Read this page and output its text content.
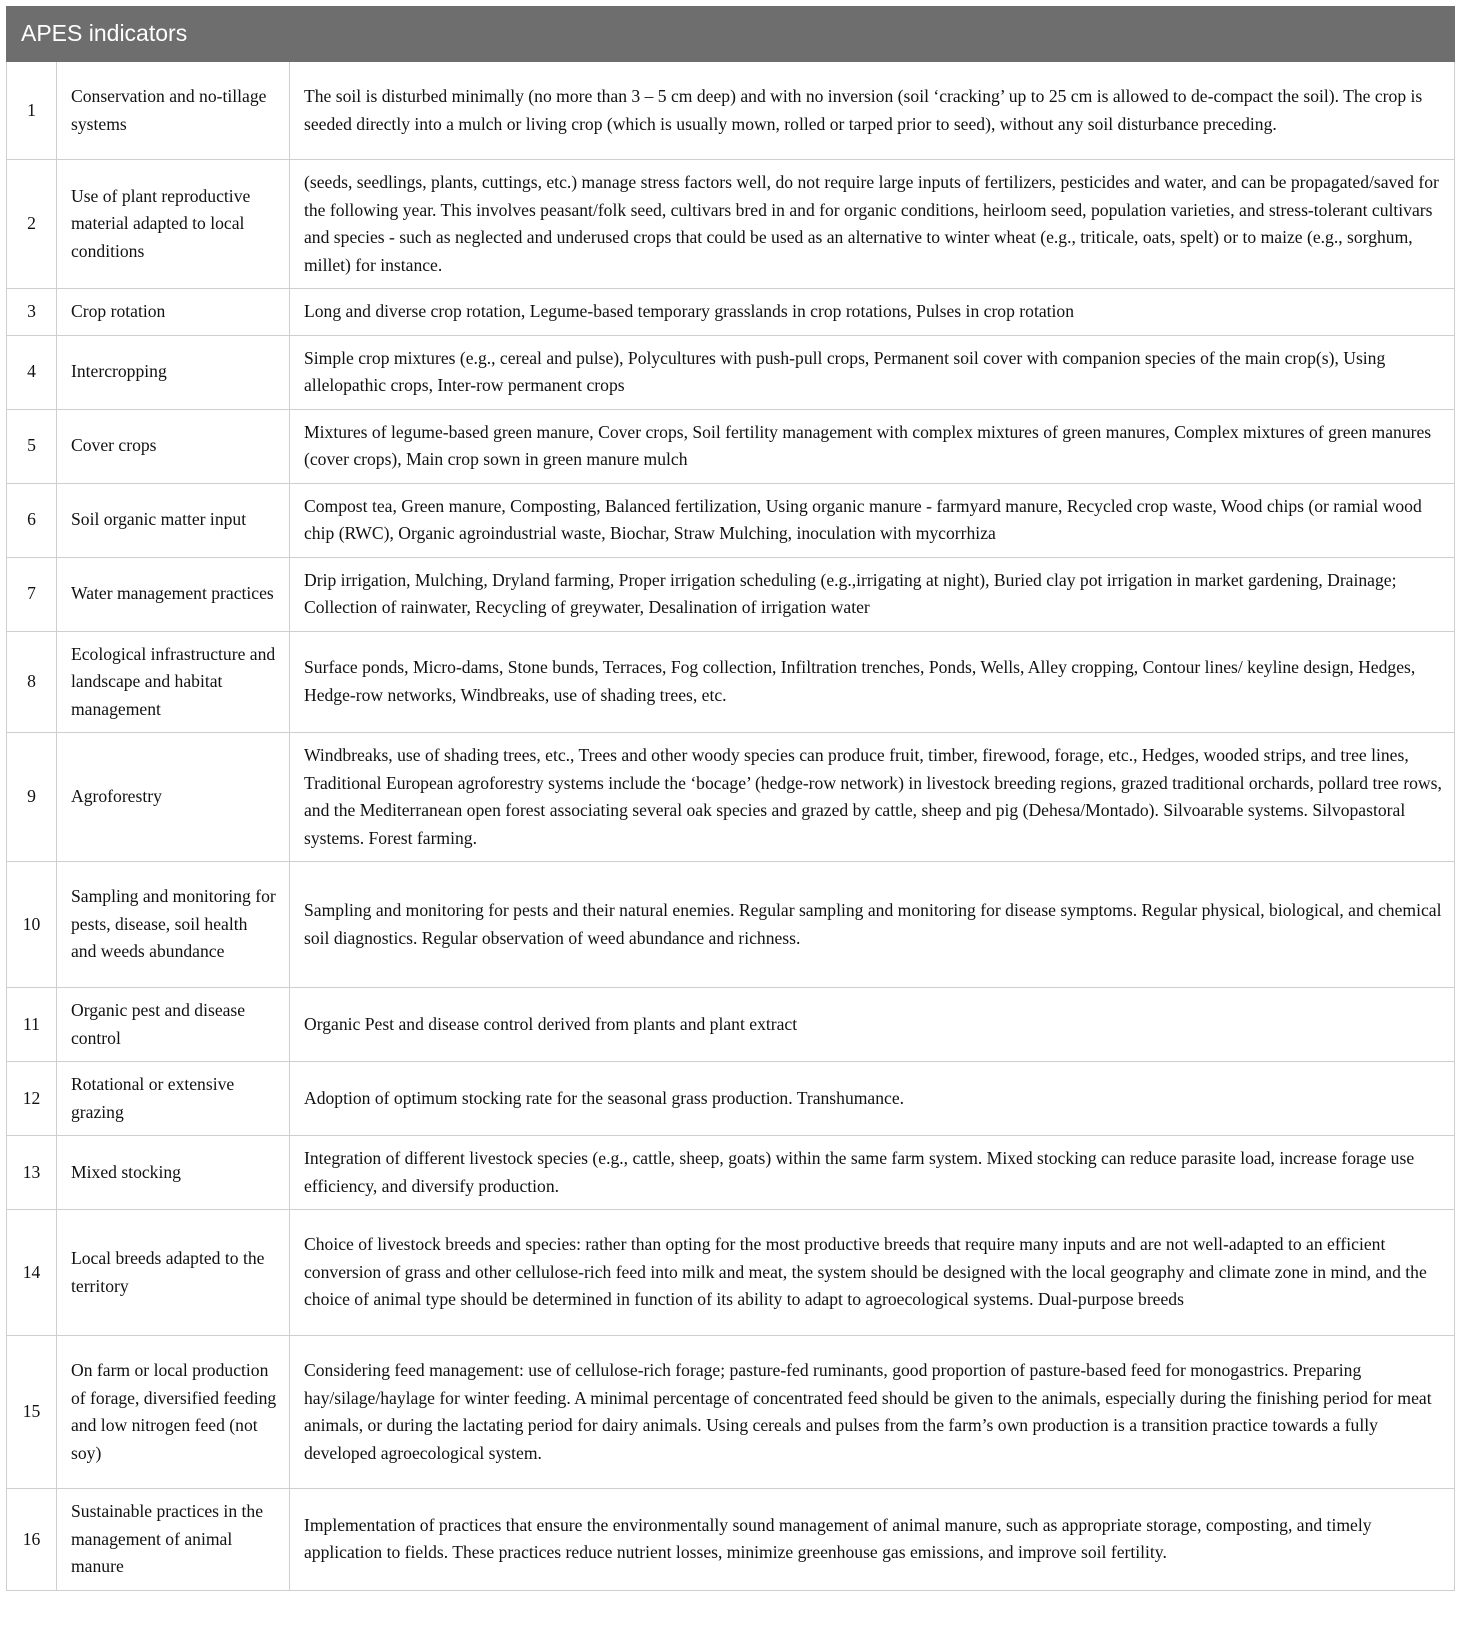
APES indicators		
1	Conservation and no-tillage systems	The soil is disturbed minimally (no more than 3 – 5 cm deep) and with no inversion (soil ‘cracking’ up to 25 cm is allowed to de-compact the soil). The crop is seeded directly into a mulch or living crop (which is usually mown, rolled or tarped prior to seed), without any soil disturbance preceding.
2	Use of plant reproductive material adapted to local conditions	(seeds, seedlings, plants, cuttings, etc.) manage stress factors well, do not require large inputs of fertilizers, pesticides and water, and can be propagated/saved for the following year. This involves peasant/folk seed, cultivars bred in and for organic conditions, heirloom seed, population varieties, and stress-tolerant cultivars and species - such as neglected and underused crops that could be used as an alternative to winter wheat (e.g., triticale, oats, spelt) or to maize (e.g., sorghum, millet) for instance.
3	Crop rotation	Long and diverse crop rotation, Legume-based temporary grasslands in crop rotations, Pulses in crop rotation
4	Intercropping	Simple crop mixtures (e.g., cereal and pulse), Polycultures with push-pull crops, Permanent soil cover with companion species of the main crop(s), Using allelopathic crops, Inter-row permanent crops
5	Cover crops	Mixtures of legume-based green manure, Cover crops, Soil fertility management with complex mixtures of green manures, Complex mixtures of green manures (cover crops), Main crop sown in green manure mulch
6	Soil organic matter input	Compost tea, Green manure, Composting, Balanced fertilization, Using organic manure - farmyard manure, Recycled crop waste, Wood chips (or ramial wood chip (RWC), Organic agroindustrial waste, Biochar, Straw Mulching, inoculation with mycorrhiza
7	Water management practices	Drip irrigation, Mulching, Dryland farming, Proper irrigation scheduling (e.g.,irrigating at night), Buried clay pot irrigation in market gardening, Drainage; Collection of rainwater, Recycling of greywater, Desalination of irrigation water
8	Ecological infrastructure and landscape and habitat management	Surface ponds, Micro-dams, Stone bunds, Terraces, Fog collection, Infiltration trenches, Ponds, Wells, Alley cropping, Contour lines/ keyline design, Hedges, Hedge-row networks, Windbreaks, use of shading trees, etc.
9	Agroforestry	Windbreaks, use of shading trees, etc., Trees and other woody species can produce fruit, timber, firewood, forage, etc., Hedges, wooded strips, and tree lines, Traditional European agroforestry systems include the ‘bocage’ (hedge-row network) in livestock breeding regions, grazed traditional orchards, pollard tree rows, and the Mediterranean open forest associating several oak species and grazed by cattle, sheep and pig (Dehesa/Montado). Silvoarable systems. Silvopastoral systems. Forest farming.
10	Sampling and monitoring for pests, disease, soil health and weeds abundance	Sampling and monitoring for pests and their natural enemies. Regular sampling and monitoring for disease symptoms. Regular physical, biological, and chemical soil diagnostics. Regular observation of weed abundance and richness.
11	Organic pest and disease control	Organic Pest and disease control derived from plants and plant extract
12	Rotational or extensive grazing	Adoption of optimum stocking rate for the seasonal grass production. Transhumance.
13	Mixed stocking	Integration of different livestock species (e.g., cattle, sheep, goats) within the same farm system. Mixed stocking can reduce parasite load, increase forage use efficiency, and diversify production.
14	Local breeds adapted to the territory	Choice of livestock breeds and species: rather than opting for the most productive breeds that require many inputs and are not well-adapted to an efficient conversion of grass and other cellulose-rich feed into milk and meat, the system should be designed with the local geography and climate zone in mind, and the choice of animal type should be determined in function of its ability to adapt to agroecological systems. Dual-purpose breeds
15	On farm or local production of forage, diversified feeding and low nitrogen feed (not soy)	Considering feed management: use of cellulose-rich forage; pasture-fed ruminants, good proportion of pasture-based feed for monogastrics. Preparing hay/silage/haylage for winter feeding. A minimal percentage of concentrated feed should be given to the animals, especially during the finishing period for meat animals, or during the lactating period for dairy animals. Using cereals and pulses from the farm’s own production is a transition practice towards a fully developed agroecological system.
16	Sustainable practices in the management of animal manure	Implementation of practices that ensure the environmentally sound management of animal manure, such as appropriate storage, composting, and timely application to fields. These practices reduce nutrient losses, minimize greenhouse gas emissions, and improve soil fertility.
